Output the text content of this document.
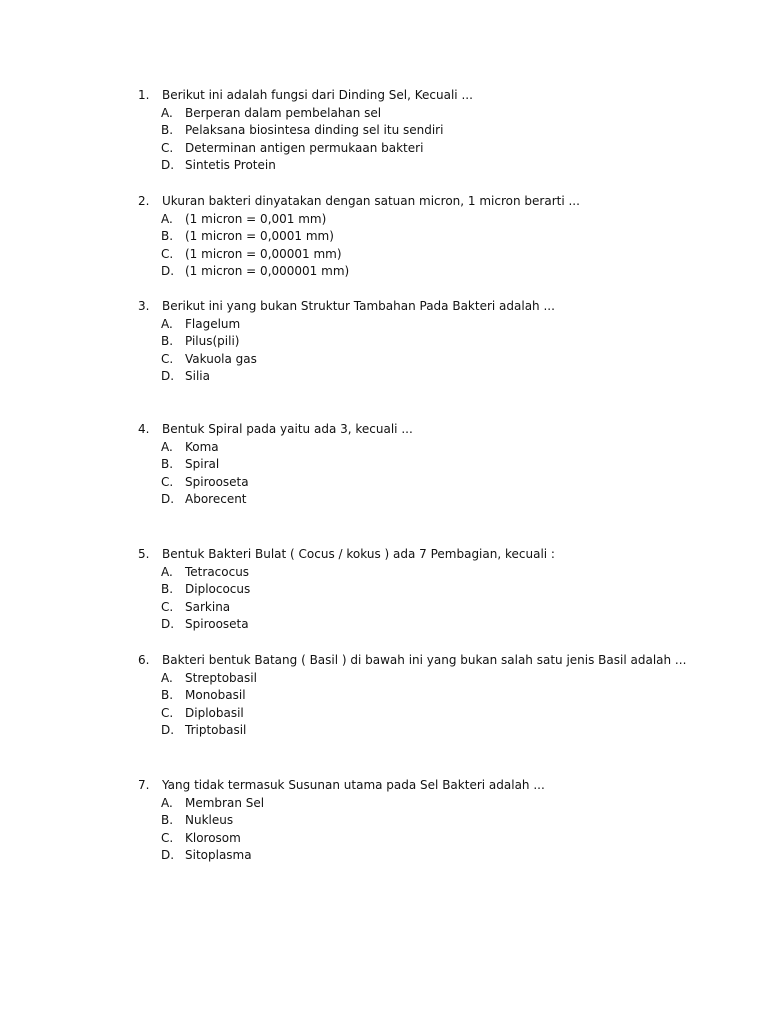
1.	Berikut ini adalah fungsi dari Dinding Sel, Kecuali ...
A.	Berperan dalam pembelahan sel
B. Pelaksana biosintesa dinding sel itu sendiri
C. Determinan antigen permukaan bakteri
D. Sintetis Protein
2.	Ukuran bakteri dinyatakan dengan satuan micron, 1 micron berarti ...
A.	(1 micron = 0,001 mm)
B. (1 micron = 0,0001 mm)
C. (1 micron = 0,00001 mm)
D. (1 micron = 0,000001 mm)
3.	Berikut ini yang bukan Struktur Tambahan Pada Bakteri adalah ...
A.	Flagelum
B. Pilus(pili)
C. Vakuola gas
D. Silia
4.	Bentuk Spiral pada yaitu ada 3, kecuali ...
A.	Koma
B. Spiral
C. Spirooseta
D. Aborecent
5.	Bentuk Bakteri Bulat ( Cocus / kokus ) ada 7 Pembagian, kecuali :
A.	Tetracocus
B. Diplococus
C. Sarkina
D. Spirooseta
6.	Bakteri bentuk Batang ( Basil ) di bawah ini yang bukan salah satu jenis Basil adalah ...
A.	Streptobasil
B. Monobasil
C. Diplobasil
D. Triptobasil
7.	Yang tidak termasuk Susunan utama pada Sel Bakteri adalah ...
A.	Membran Sel
B. Nukleus
C. Klorosom
D. Sitoplasma
